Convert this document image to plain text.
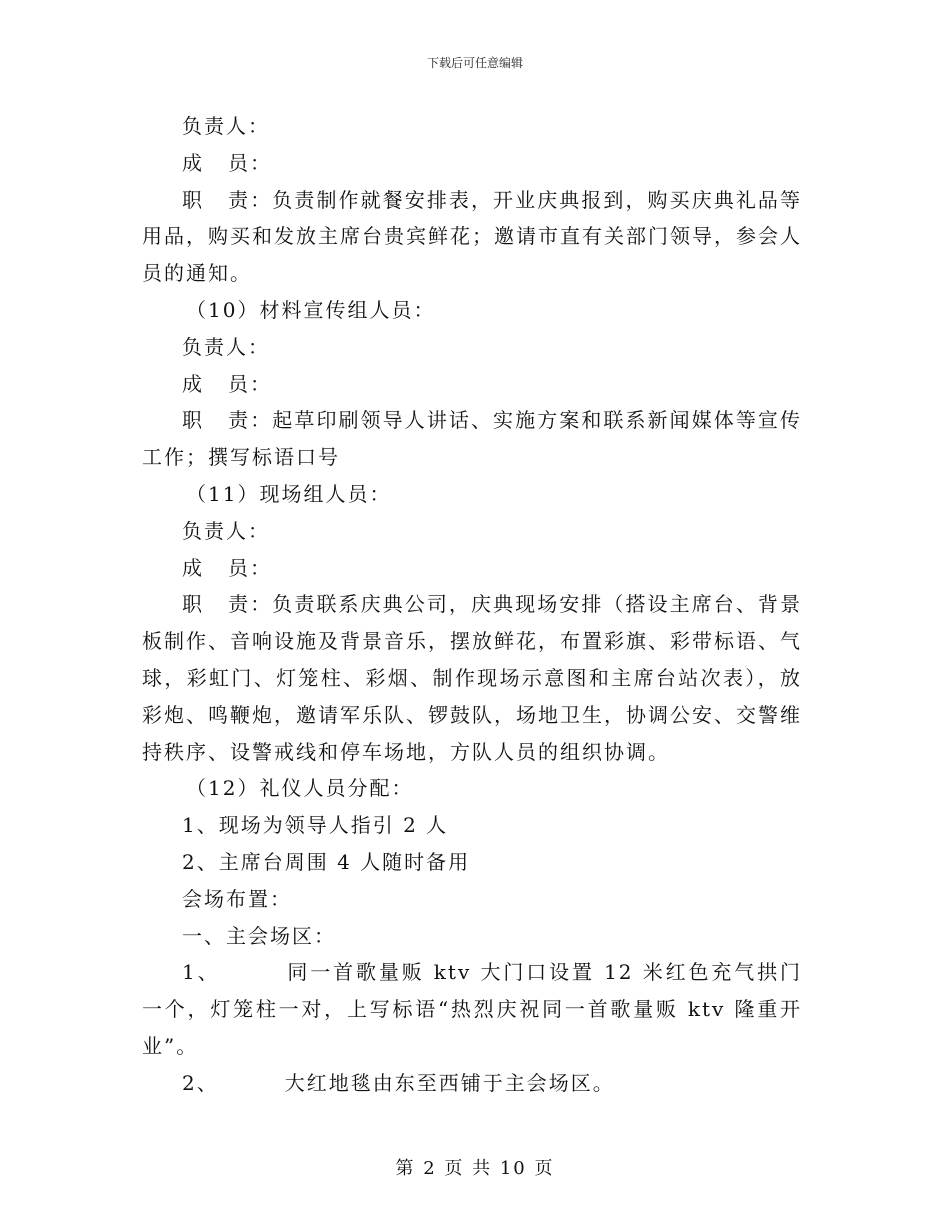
下载后可任意编辑

负责人：

成 员：

职 责：负责制作就餐安排表，开业庆典报到，购买庆典礼品等用品，购买和发放主席台贵宾鲜花；邀请市直有关部门领导，参会人员的通知。

（10）材料宣传组人员：

负责人：

成 员：

职 责：起草印刷领导人讲话、实施方案和联系新闻媒体等宣传工作；撰写标语口号

（11）现场组人员：

负责人：

成 员：

职 责：负责联系庆典公司，庆典现场安排（搭设主席台、背景板制作、音响设施及背景音乐，摆放鲜花，布置彩旗、彩带标语、气球，彩虹门、灯笼柱、彩烟、制作现场示意图和主席台站次表），放彩炮、鸣鞭炮，邀请军乐队、锣鼓队，场地卫生，协调公安、交警维持秩序、设警戒线和停车场地，方队人员的组织协调。

（12）礼仪人员分配：

1、现场为领导人指引 2 人

2、主席台周围 4 人随时备用

会场布置：

一、主会场区：

1、	同一首歌量贩 ktv 大门口设置 12 米红色充气拱门一个，灯笼柱一对，上写标语“热烈庆祝同一首歌量贩 ktv 隆重开业”。

2、	大红地毯由东至西铺于主会场区。

第 2 页 共 10 页
